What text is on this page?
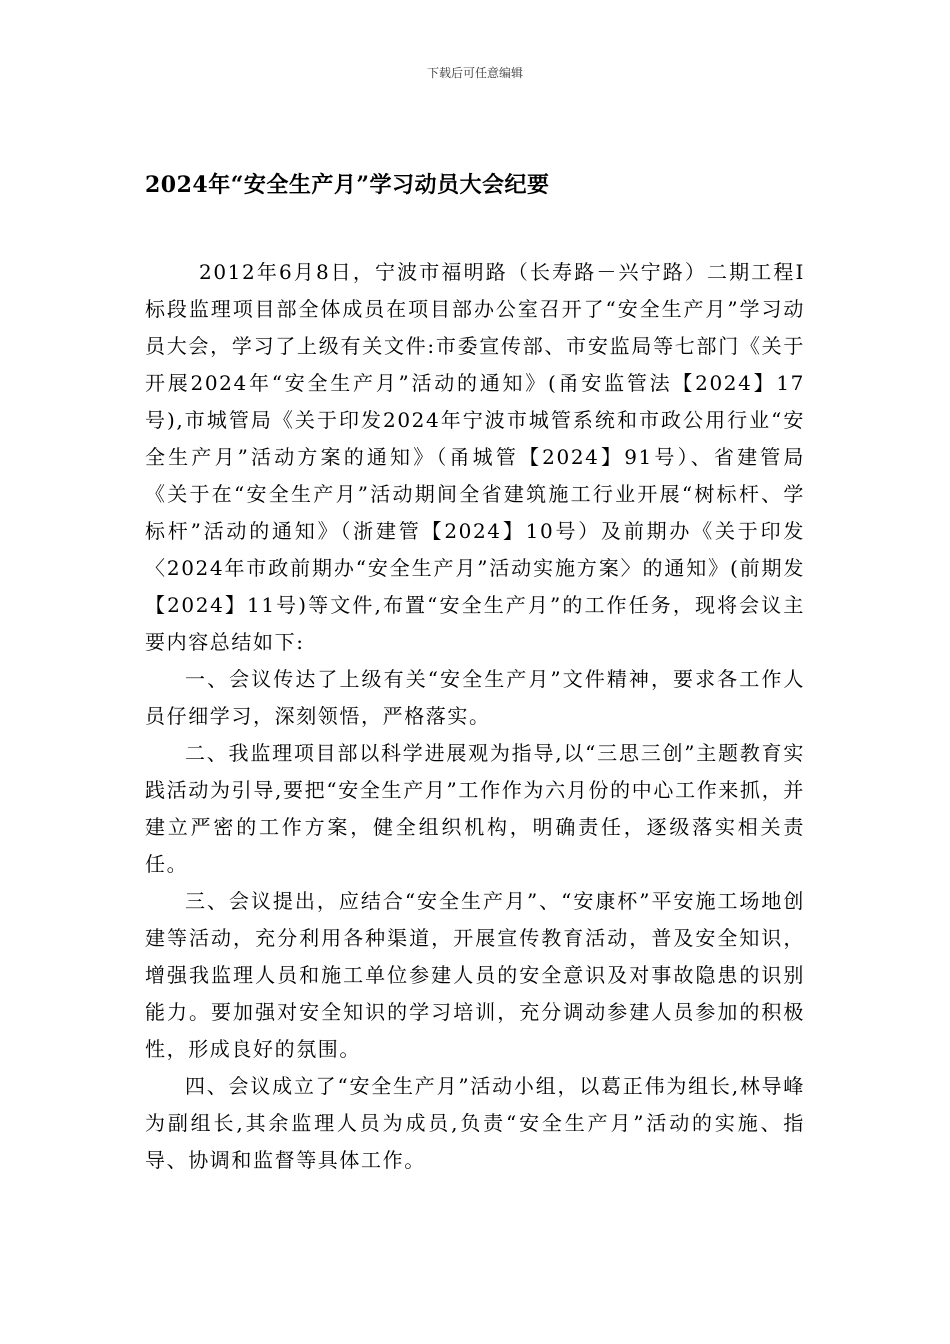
下载后可任意编辑
2024年“安全生产月”学习动员大会纪要

2012年6月8日，宁波市福明路（长寿路－兴宁路）二期工程Ⅰ标段监理项目部全体成员在项目部办公室召开了“安全生产月”学习动员大会，学习了上级有关文件:市委宣传部、市安监局等七部门《关于开展2024年“安全生产月”活动的通知》(甬安监管法【2024】17号),市城管局《关于印发2024年宁波市城管系统和市政公用行业“安全生产月”活动方案的通知》（甬城管【2024】91号）、省建管局《关于在“安全生产月”活动期间全省建筑施工行业开展“树标杆、学标杆”活动的通知》（浙建管【2024】10号）及前期办《关于印发〈2024年市政前期办“安全生产月”活动实施方案〉的通知》(前期发【2024】11号)等文件,布置“安全生产月”的工作任务，现将会议主要内容总结如下:

一、会议传达了上级有关“安全生产月”文件精神，要求各工作人员仔细学习，深刻领悟，严格落实。

二、我监理项目部以科学进展观为指导,以“三思三创”主题教育实践活动为引导,要把“安全生产月”工作作为六月份的中心工作来抓，并建立严密的工作方案，健全组织机构，明确责任，逐级落实相关责任。

三、会议提出，应结合“安全生产月”、“安康杯”平安施工场地创建等活动，充分利用各种渠道，开展宣传教育活动，普及安全知识，增强我监理人员和施工单位参建人员的安全意识及对事故隐患的识别能力。要加强对安全知识的学习培训，充分调动参建人员参加的积极性，形成良好的氛围。

四、会议成立了“安全生产月”活动小组，以葛正伟为组长,林导峰为副组长,其余监理人员为成员,负责“安全生产月”活动的实施、指导、协调和监督等具体工作。
